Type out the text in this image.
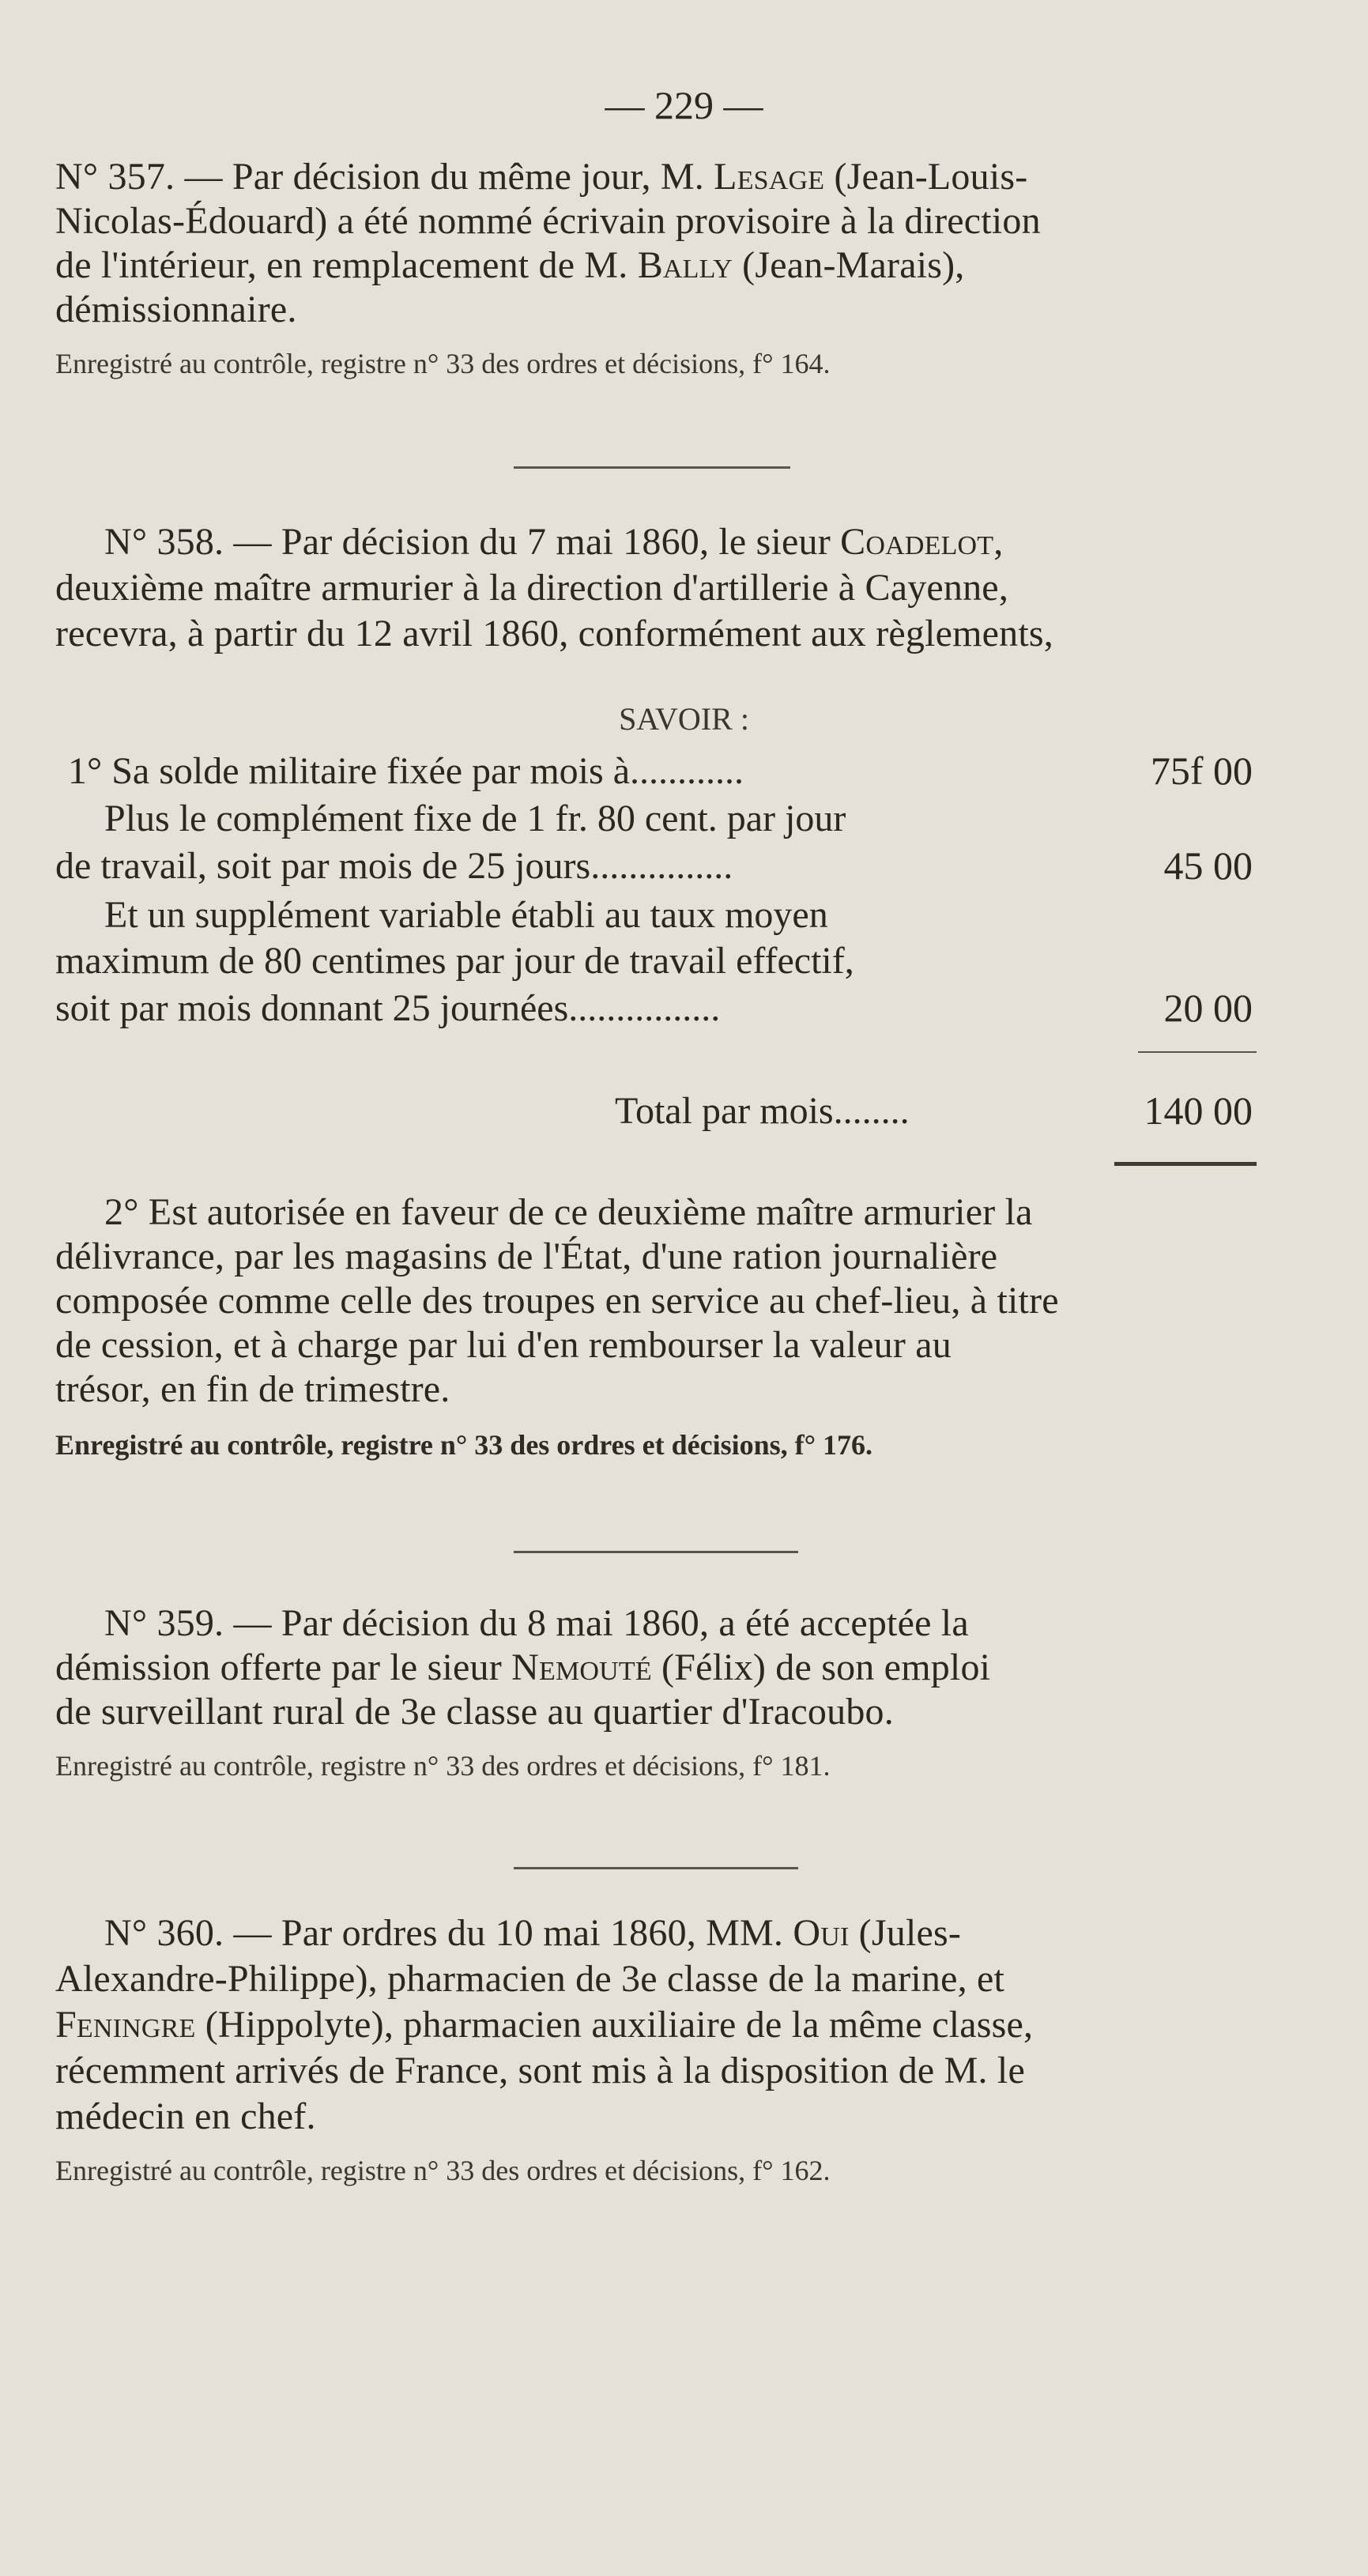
— 229 —
N° 357. — Par décision du même jour, M. Lesage (Jean-Louis-
Nicolas-Édouard) a été nommé écrivain provisoire à la direction
de l'intérieur, en remplacement de M. Bally (Jean-Marais),
démissionnaire.
Enregistré au contrôle, registre n° 33 des ordres et décisions, f° 164.
N° 358. — Par décision du 7 mai 1860, le sieur Coadelot,
deuxième maître armurier à la direction d'artillerie à Cayenne,
recevra, à partir du 12 avril 1860, conformément aux règlements,
SAVOIR :
1° Sa solde militaire fixée par mois à............	75f 00
Plus le complément fixe de 1 fr. 80 cent. par jour
de travail, soit par mois de 25 jours...............	45 00
Et un supplément variable établi au taux moyen
maximum de 80 centimes par jour de travail effectif,
soit par mois donnant 25 journées................	20 00
Total par mois........	140 00
2° Est autorisée en faveur de ce deuxième maître armurier la
délivrance, par les magasins de l'État, d'une ration journalière
composée comme celle des troupes en service au chef-lieu, à titre
de cession, et à charge par lui d'en rembourser la valeur au
trésor, en fin de trimestre.
Enregistré au contrôle, registre n° 33 des ordres et décisions, f° 176.
N° 359. — Par décision du 8 mai 1860, a été acceptée la
démission offerte par le sieur Nemouté (Félix) de son emploi
de surveillant rural de 3e classe au quartier d'Iracoubo.
Enregistré au contrôle, registre n° 33 des ordres et décisions, f° 181.
N° 360. — Par ordres du 10 mai 1860, MM. Oui (Jules-
Alexandre-Philippe), pharmacien de 3e classe de la marine, et
Feningre (Hippolyte), pharmacien auxiliaire de la même classe,
récemment arrivés de France, sont mis à la disposition de M. le
médecin en chef.
Enregistré au contrôle, registre n° 33 des ordres et décisions, f° 162.
